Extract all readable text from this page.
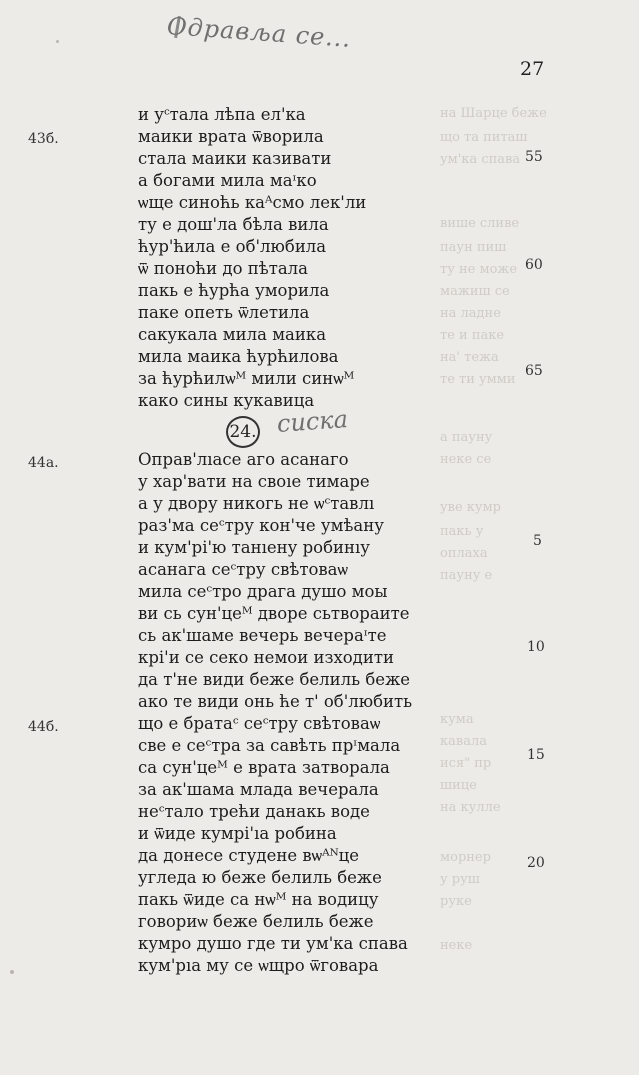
Одравља се...
27
на Шарце беже
що та питаш
ум'ка спава
више сливе
паун пиш
ту не може
мажиш се
на ладне
те и паке
на' тежа
те ти умми
а пауну
неке се
уве кумр
пакь у
оплаха
пауну е
кума
кавала
ися" пр
шице
на кулле
морнер
у руш
руке
неке
43б.
44а.
44б.
55
60
65
5
10
15
20
и уᶜтала лѣпа ел'ка
маики врата ѿворила
стала маики казивати
а богами мила маᶦко
ѡще синоћь каᴬсмо лек'ли
ту е дош'ла бѣла вила
ћур'ћила е об'любила
ѿ поноћи до пѣтала
пакь е ћурћа уморила
паке опеть ѿлетила
сакукала мила маика
мила маика ћурћилова
за ћурћилѡᴹ мили синѡᴹ
како сины кукавица
24. сиска
Оправ'лıасе аго асанаго
у хар'вати на своıе тимаре
а у двору никогь не ѡᶜтавлı
раз'ма сеᶜтру кон'че умѣану
и кум'рі'ю танıену робинıу
асанага сеᶜтру свѣтоваѡ
мила сеᶜтро драга душо моы
ви сь сун'цеᴹ дворе сьтвораите
сь ак'шаме вечерь вечераᶦте
крі'и се секо немои изходити
да т'не види беже белиль беже
ако те види онь ће т' об'любить
що е братаᶜ сеᶜтру свѣтоваѡ
све е сеᶜтра за савѣть прᶦмала
са сун'цеᴹ е врата затворала
за ак'шама млада вечерала
неᶜтало трећи данакь воде
и ѿиде кумрі'ıа робина
да донесе студене вѡᴬᴺце
угледа ю беже белиль беже
пакь ѿиде са нѡᴹ на водицу
говориѡ беже белиль беже
кумро душо где ти ум'ка спава
кум'рıа му се ѡщро ѿговара
